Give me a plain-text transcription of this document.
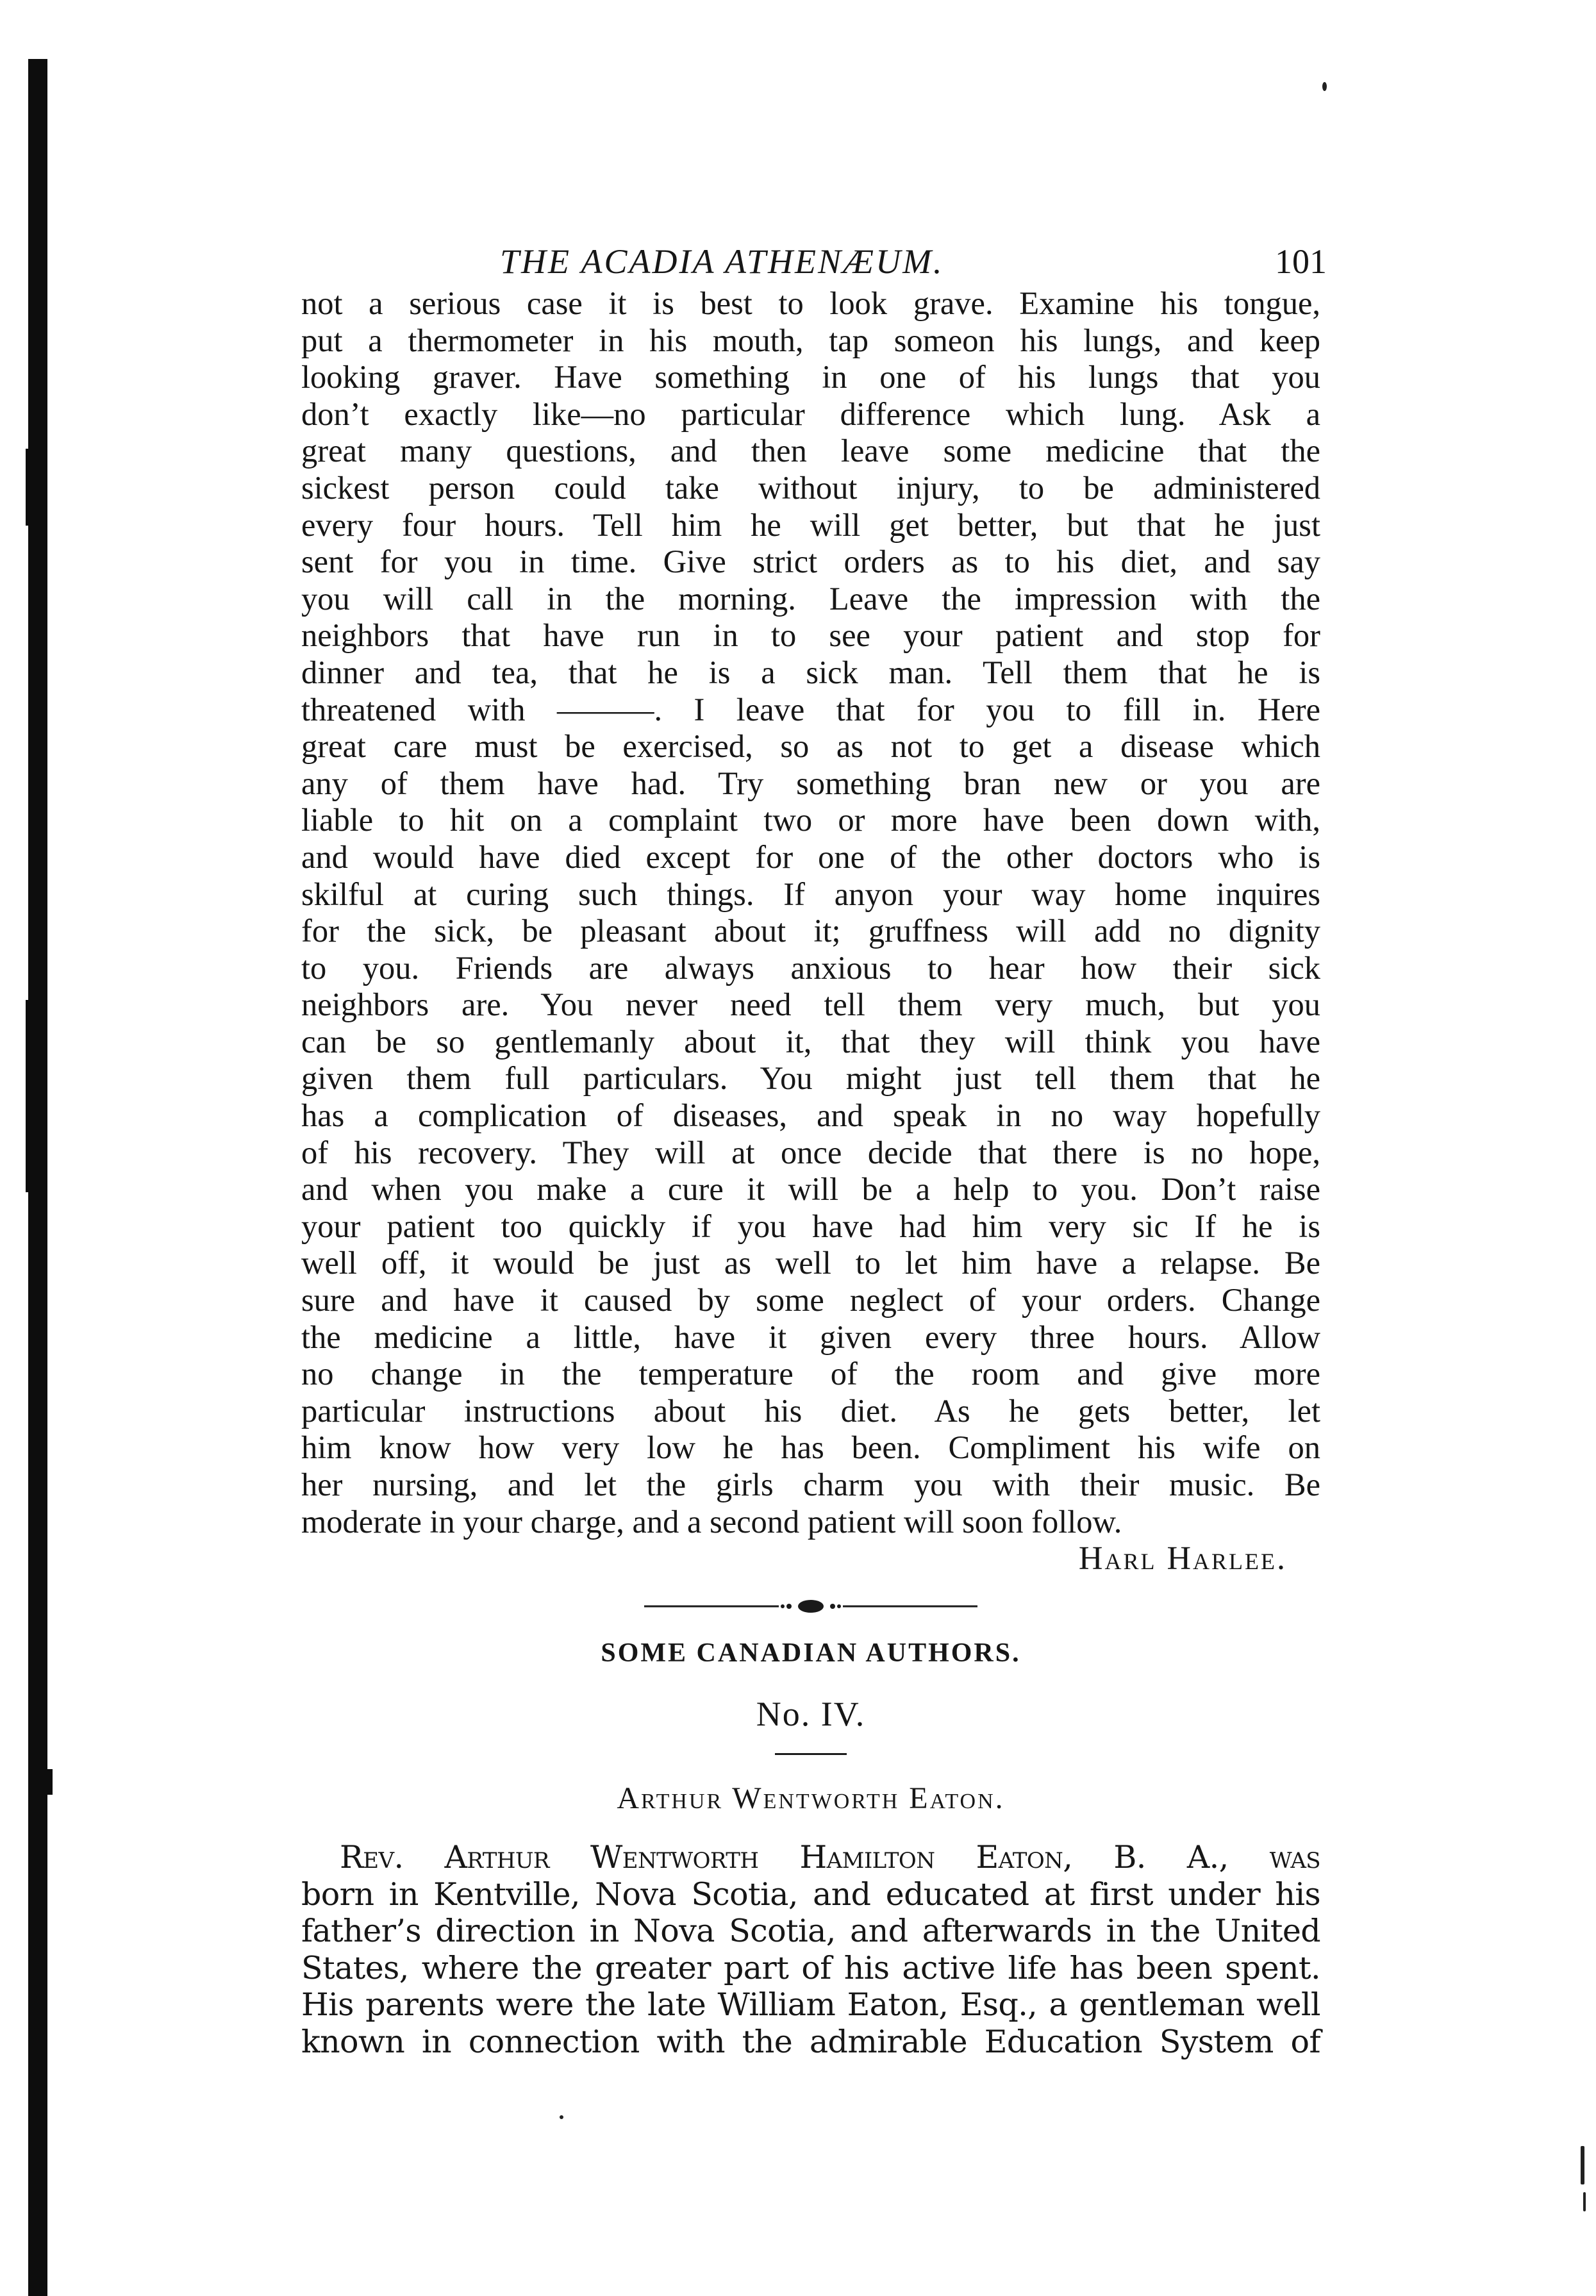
THE ACADIA ATHENÆUM.	101
not a serious case it is best to look grave. Examine his tongue,
put a thermometer in his mouth, tap someon his lungs, and keep
looking graver. Have something in one of his lungs that you
don’t exactly like—no particular difference which lung. Ask a
great many questions, and then leave some medicine that the
sickest person could take without injury, to be administered
every four hours. Tell him he will get better, but that he just
sent for you in time. Give strict orders as to his diet, and say
you will call in the morning. Leave the impression with the
neighbors that have run in to see your patient and stop for
dinner and tea, that he is a sick man. Tell them that he is
threatened with ———. I leave that for you to fill in. Here
great care must be exercised, so as not to get a disease which
any of them have had. Try something bran new or you are
liable to hit on a complaint two or more have been down with,
and would have died except for one of the other doctors who is
skilful at curing such things. If anyon your way home inquires
for the sick, be pleasant about it; gruffness will add no dignity
to you. Friends are always anxious to hear how their sick
neighbors are. You never need tell them very much, but you
can be so gentlemanly about it, that they will think you have
given them full particulars. You might just tell them that he
has a complication of diseases, and speak in no way hopefully
of his recovery. They will at once decide that there is no hope,
and when you make a cure it will be a help to you. Don’t raise
your patient too quickly if you have had him very sic If he is
well off, it would be just as well to let him have a relapse. Be
sure and have it caused by some neglect of your orders. Change
the medicine a little, have it given every three hours. Allow
no change in the temperature of the room and give more
particular instructions about his diet. As he gets better, let
him know how very low he has been. Compliment his wife on
her nursing, and let the girls charm you with their music. Be
moderate in your charge, and a second patient will soon follow.
Harl Harlee.
SOME CANADIAN AUTHORS.
No. IV.
Arthur Wentworth Eaton.
Rev. Arthur Wentworth Hamilton Eaton, B. A., was
born in Kentville, Nova Scotia, and educated at first under his
father’s direction in Nova Scotia, and afterwards in the United
States, where the greater part of his active life has been spent.
His parents were the late William Eaton, Esq., a gentleman well
known in connection with the admirable Education System of
